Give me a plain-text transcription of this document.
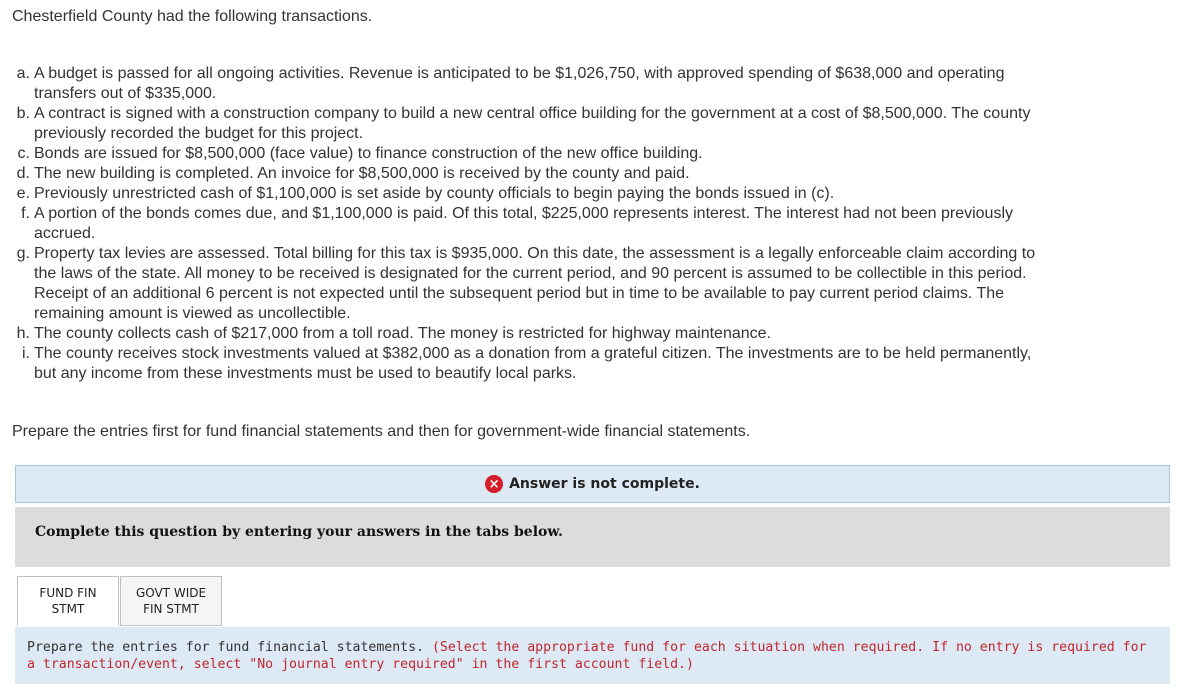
Chesterfield County had the following transactions.

a. A budget is passed for all ongoing activities. Revenue is anticipated to be $1,026,750, with approved spending of $638,000 and operating transfers out of $335,000.
b. A contract is signed with a construction company to build a new central office building for the government at a cost of $8,500,000. The county previously recorded the budget for this project.
c. Bonds are issued for $8,500,000 (face value) to finance construction of the new office building.
d. The new building is completed. An invoice for $8,500,000 is received by the county and paid.
e. Previously unrestricted cash of $1,100,000 is set aside by county officials to begin paying the bonds issued in (c).
f. A portion of the bonds comes due, and $1,100,000 is paid. Of this total, $225,000 represents interest. The interest had not been previously accrued.
g. Property tax levies are assessed. Total billing for this tax is $935,000. On this date, the assessment is a legally enforceable claim according to the laws of the state. All money to be received is designated for the current period, and 90 percent is assumed to be collectible in this period. Receipt of an additional 6 percent is not expected until the subsequent period but in time to be available to pay current period claims. The remaining amount is viewed as uncollectible.
h. The county collects cash of $217,000 from a toll road. The money is restricted for highway maintenance.
i. The county receives stock investments valued at $382,000 as a donation from a grateful citizen. The investments are to be held permanently, but any income from these investments must be used to beautify local parks.

Prepare the entries first for fund financial statements and then for government-wide financial statements.

× Answer is not complete.
Complete this question by entering your answers in the tabs below.
FUND FIN
STMT
GOVT WIDE
FIN STMT
Prepare the entries for fund financial statements. (Select the appropriate fund for each situation when required. If no entry is required for a transaction/event, select "No journal entry required" in the first account field.)
